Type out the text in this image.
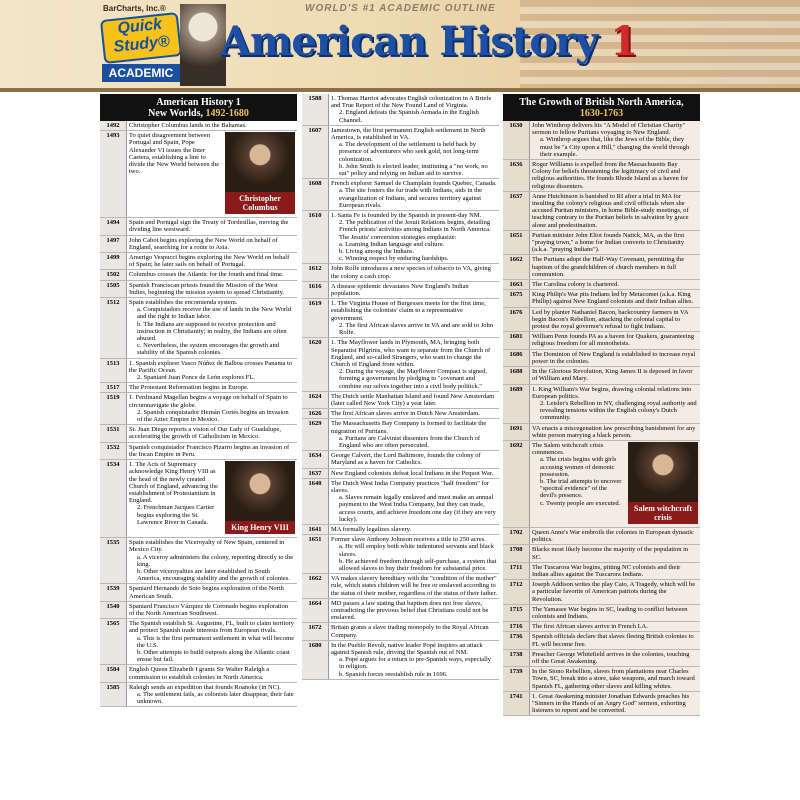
BarCharts, Inc.®
Quick Study®
ACADEMIC
WORLD'S #1 ACADEMIC OUTLINE
American History 1
American History 1
New Worlds, 1492-1680
1492	Christopher Columbus lands in the Bahamas.

1493	Christopher Columbus
To quiet disagreement between Portugal and Spain, Pope Alexander VI issues the Inter Caetera, establishing a line to divide the New World between the two.

1494	Spain and Portugal sign the Treaty of Tordesillas, moving the dividing line westward.

1497	John Cabot begins exploring the New World on behalf of England, searching for a route to Asia.

1499	Amerigo Vespucci begins exploring the New World on behalf of Spain; he later sails on behalf of Portugal.

1502	Columbus crosses the Atlantic for the fourth and final time.

1505	Spanish Franciscan priests found the Mission of the West Indies, beginning the mission system to spread Christianity.

1512	Spain establishes the encomienda system.
a. Conquistadors receive the use of lands in the New World and the right to Indian labor.
b. The Indians are supposed to receive protection and instruction in Christianity; in reality, the Indians are often abused.
c. Nevertheless, the system encourages the growth and stability of the Spanish colonies.

1513	1. Spanish explorer Vasco Núñez de Balboa crosses Panama to the Pacific Ocean.
2. Spaniard Juan Ponce de León explores FL.

1517	The Protestant Reformation begins in Europe.

1519	1. Ferdinand Magellan begins a voyage on behalf of Spain to circumnavigate the globe.
2. Spanish conquistador Hernán Cortés begins an invasion of the Aztec Empire in Mexico.

1531	St. Juan Diego reports a vision of Our Lady of Guadalupe, accelerating the growth of Catholicism in Mexico.

1532	Spanish conquistador Francisco Pizarro begins an invasion of the Incan Empire in Peru.

1534	King Henry VIII
1. The Acts of Supremacy acknowledge King Henry VIII as the head of the newly created Church of England, advancing the establishment of Protestantism in England.
2. Frenchman Jacques Cartier begins exploring the St. Lawrence River in Canada.

1535	Spain establishes the Viceroyalty of New Spain, centered in Mexico City.
a. A viceroy administers the colony, reporting directly to the king.
b. Other viceroyalties are later established in South America, encouraging stability and the growth of colonies.

1539	Spaniard Hernando de Soto begins exploration of the North American South.

1540	Spaniard Francisco Vázquez de Coronado begins exploration of the North American Southwest.

1565	The Spanish establish St. Augustine, FL, built to claim territory and protect Spanish trade interests from European rivals.
a. This is the first permanent settlement in what will become the U.S.
b. Other attempts to build outposts along the Atlantic coast ensue but fail.

1584	English Queen Elizabeth I grants Sir Walter Raleigh a commission to establish colonies in North America.

1585	Raleigh sends an expedition that founds Roanoke (in NC).
a. The settlement fails, as colonists later disappear, their fate unknown.
1588	1. Thomas Harriot advocates English colonization in A Briefe and True Report of the New Found Land of Virginia.
2. England defeats the Spanish Armada in the English Channel.

1607	Jamestown, the first permanent English settlement in North America, is established in VA.
a. The development of the settlement is held back by presence of adventurers who seek gold, not long-term colonization.
b. John Smith is elected leader, instituting a "no work, no eat" policy and relying on Indian aid to survive.

1608	French explorer Samuel de Champlain founds Quebec, Canada.
a. The site fosters the fur trade with Indians, aids in the evangelization of Indians, and secures territory against European rivals.

1610	1. Santa Fe is founded by the Spanish in present-day NM.
2. The publication of the Jesuit Relations begins, detailing French priests' activities among Indians in North America. The Jesuits' conversion strategies emphasize:
a. Learning Indian language and culture.
b. Living among the Indians.
c. Winning respect by enduring hardships.

1612	John Rolfe introduces a new species of tobacco to VA, giving the colony a cash crop.

1616	A disease epidemic devastates New England's Indian population.

1619	1. The Virginia House of Burgesses meets for the first time, establishing the colonists' claim to a representative government.
2. The first African slaves arrive in VA and are sold to John Rolfe.

1620	1. The Mayflower lands in Plymouth, MA, bringing both Separatist Pilgrims, who want to separate from the Church of England, and so-called Strangers, who want to change the Church of England from within.
2. During the voyage, the Mayflower Compact is signed, forming a government by pledging to "covenant and combine our selves together into a civil body politick."

1624	The Dutch settle Manhattan Island and found New Amsterdam (later called New York City) a year later.

1626	The first African slaves arrive in Dutch New Amsterdam.

1629	The Massachusetts Bay Company is formed to facilitate the migration of Puritans.
a. Puritans are Calvinist dissenters from the Church of England who are often persecuted.

1634	George Calvert, the Lord Baltimore, founds the colony of Maryland as a haven for Catholics.

1637	New England colonists defeat local Indians in the Pequot War.

1640	The Dutch West India Company practices "half freedom" for slaves.
a. Slaves remain legally enslaved and must make an annual payment to the West India Company, but they can trade, access courts, and achieve freedom one day (if they are very lucky).

1641	MA formally legalizes slavery.

1651	Former slave Anthony Johnson receives a title to 250 acres.
a. He will employ both white indentured servants and black slaves.
b. He achieved freedom through self-purchase, a system that allowed slaves to buy their freedom for substantial price.

1662	VA makes slavery hereditary with the "condition of the mother" rule, which states children will be free or enslaved according to the status of their mother, regardless of the status of their father.

1664	MD passes a law stating that baptism does not free slaves, contradicting the previous belief that Christians could not be enslaved.

1672	Britain grants a slave trading monopoly to the Royal African Company.

1680	In the Pueblo Revolt, native leader Popé inspires an attack against Spanish rule, driving the Spanish out of NM.
a. Popé argues for a return to pre-Spanish ways, especially in religion.
b. Spanish forces reestablish rule in 1696.
The Growth of British North America,
1630-1763
1630	John Winthrop delivers his "A Model of Christian Charity" sermon to fellow Puritans voyaging to New England.
a. Winthrop argues that, like the Jews of the Bible, they must be "a City upon a Hill," changing the world through their example.

1636	Roger Williams is expelled from the Massachusetts Bay Colony for beliefs threatening the legitimacy of civil and religious authorities. He founds Rhode Island as a haven for religious dissenters.

1637	Anne Hutchinson is banished to RI after a trial in MA for insulting the colony's religious and civil officials when she accused Puritan ministers, in home Bible-study meetings, of teaching contrary to the Puritan beliefs in salvation by grace alone and predestination.

1651	Puritan minister John Eliot founds Natick, MA, as the first "praying town," a home for Indian converts to Christianity (a.k.a. "praying Indians").

1662	The Puritans adopt the Half-Way Covenant, permitting the baptism of the grandchildren of church members in full communion.

1663	The Carolina colony is chartered.

1675	King Philip's War pits Indians led by Metacomet (a.k.a. King Phillip) against New England colonists and their Indian allies.

1676	Led by planter Nathaniel Bacon, backcountry farmers in VA begin Bacon's Rebellion, attacking the colonial capital to protest the royal governor's refusal to fight Indians.

1681	William Penn founds PA as a haven for Quakers, guaranteeing religious freedom for all monotheists.

1686	The Dominion of New England is established to increase royal power in the colonies.

1688	In the Glorious Revolution, King James II is deposed in favor of William and Mary.

1689	1. King William's War begins, drawing colonial relations into European politics.
2. Leisler's Rebellion in NY, challenging royal authority and revealing tensions within the English colony's Dutch community.

1691	VA enacts a miscegenation law prescribing banishment for any white person marrying a black person.

1692	Salem witchcraft crisis
The Salem witchcraft crisis commences.
a. The crisis begins with girls accusing women of demonic possession.
b. The trial attempts to uncover "spectral evidence" of the devil's presence.
c. Twenty people are executed.

1702	Queen Anne's War embroils the colonies in European dynastic politics.

1708	Blacks most likely become the majority of the population in SC.

1711	The Tuscarora War begins, pitting NC colonists and their Indian allies against the Tuscarora Indians.

1712	Joseph Addison writes the play Cato, A Tragedy, which will be a particular favorite of American patriots during the Revolution.

1715	The Yamasee War begins in SC, leading to conflict between colonists and Indians.

1716	The first African slaves arrive in French LA.

1736	Spanish officials declare that slaves fleeing British colonies to FL will become free.

1738	Preacher George Whitefield arrives in the colonies, touching off the Great Awakening.

1739	In the Stono Rebellion, slaves from plantations near Charles Town, SC, break into a store, take weapons, and march toward Spanish FL, gathering other slaves and killing whites.

1741	1. Great Awakening minister Jonathan Edwards preaches his "Sinners in the Hands of an Angry God" sermon, exhorting listeners to repent and be converted.
